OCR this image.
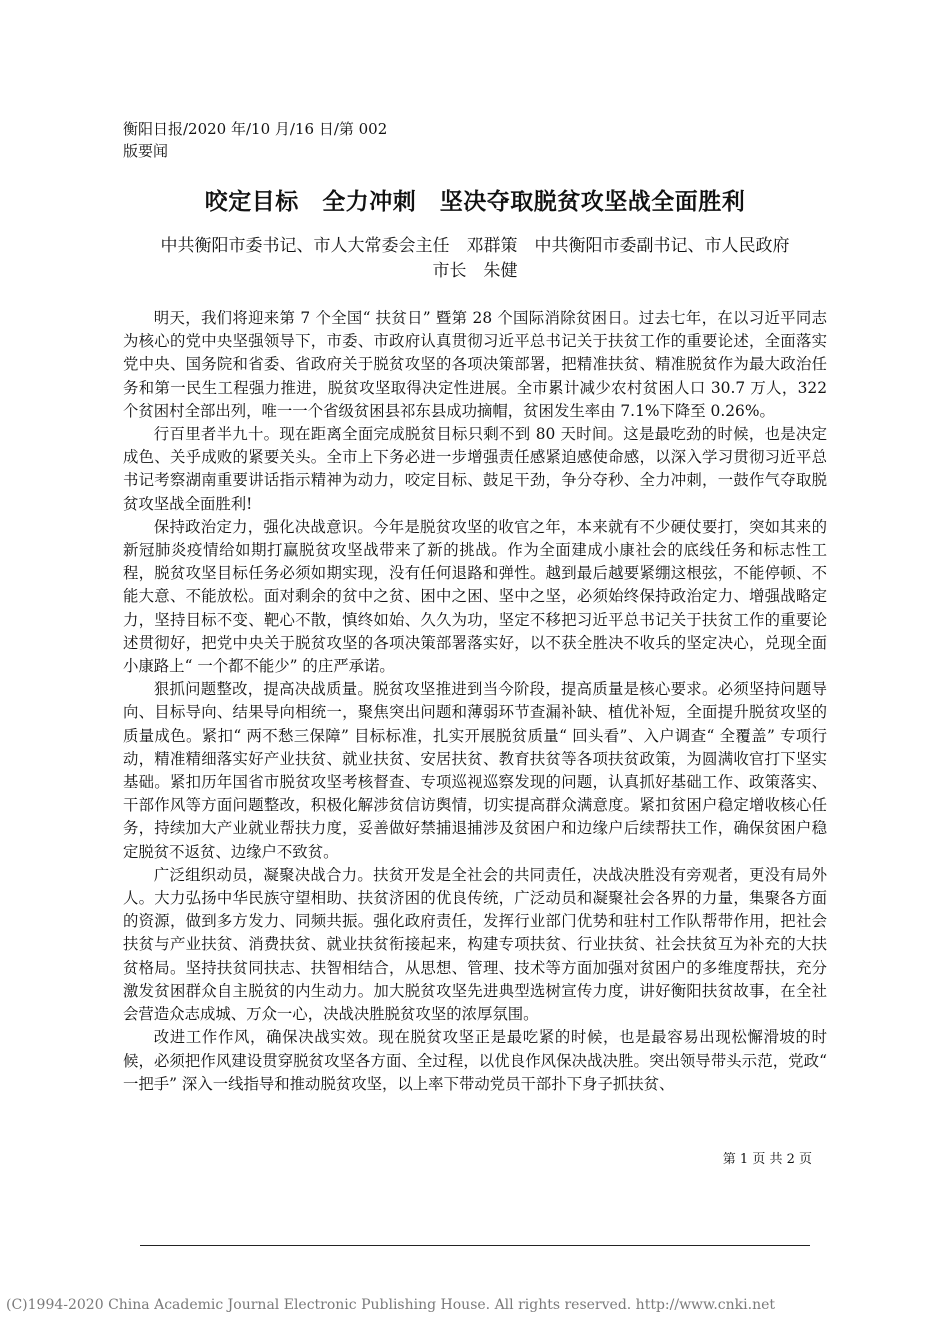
衡阳日报/2020 年/10 月/16 日/第 002
版要闻
咬定目标　全力冲刺　坚决夺取脱贫攻坚战全面胜利
中共衡阳市委书记、市人大常委会主任　邓群策　中共衡阳市委副书记、市人民政府
市长　朱健

明天，我们将迎来第 7 个全国“ 扶贫日” 暨第 28 个国际消除贫困日。过去七年，在以习近平同志为核心的党中央坚强领导下，市委、市政府认真贯彻习近平总书记关于扶贫工作的重要论述，全面落实党中央、国务院和省委、省政府关于脱贫攻坚的各项决策部署，把精准扶贫、精准脱贫作为最大政治任务和第一民生工程强力推进，脱贫攻坚取得决定性进展。全市累计减少农村贫困人口 30.7 万人，322 个贫困村全部出列，唯一一个省级贫困县祁东县成功摘帽，贫困发生率由 7.1%下降至 0.26%。

行百里者半九十。现在距离全面完成脱贫目标只剩不到 80 天时间。这是最吃劲的时候，也是决定成色、关乎成败的紧要关头。全市上下务必进一步增强责任感紧迫感使命感，以深入学习贯彻习近平总书记考察湖南重要讲话指示精神为动力，咬定目标、鼓足干劲，争分夺秒、全力冲刺，一鼓作气夺取脱贫攻坚战全面胜利!

保持政治定力，强化决战意识。今年是脱贫攻坚的收官之年，本来就有不少硬仗要打，突如其来的新冠肺炎疫情给如期打赢脱贫攻坚战带来了新的挑战。作为全面建成小康社会的底线任务和标志性工程，脱贫攻坚目标任务必须如期实现，没有任何退路和弹性。越到最后越要紧绷这根弦，不能停顿、不能大意、不能放松。面对剩余的贫中之贫、困中之困、坚中之坚，必须始终保持政治定力、增强战略定力，坚持目标不变、靶心不散，慎终如始、久久为功，坚定不移把习近平总书记关于扶贫工作的重要论述贯彻好，把党中央关于脱贫攻坚的各项决策部署落实好，以不获全胜决不收兵的坚定决心，兑现全面小康路上“ 一个都不能少” 的庄严承诺。

狠抓问题整改，提高决战质量。脱贫攻坚推进到当今阶段，提高质量是核心要求。必须坚持问题导向、目标导向、结果导向相统一，聚焦突出问题和薄弱环节查漏补缺、植优补短，全面提升脱贫攻坚的质量成色。紧扣“ 两不愁三保障” 目标标准，扎实开展脱贫质量“ 回头看”、入户调查“ 全覆盖” 专项行动，精准精细落实好产业扶贫、就业扶贫、安居扶贫、教育扶贫等各项扶贫政策，为圆满收官打下坚实基础。紧扣历年国省市脱贫攻坚考核督查、专项巡视巡察发现的问题，认真抓好基础工作、政策落实、干部作风等方面问题整改，积极化解涉贫信访舆情，切实提高群众满意度。紧扣贫困户稳定增收核心任务，持续加大产业就业帮扶力度，妥善做好禁捕退捕涉及贫困户和边缘户后续帮扶工作，确保贫困户稳定脱贫不返贫、边缘户不致贫。

广泛组织动员，凝聚决战合力。扶贫开发是全社会的共同责任，决战决胜没有旁观者，更没有局外人。大力弘扬中华民族守望相助、扶贫济困的优良传统，广泛动员和凝聚社会各界的力量，集聚各方面的资源，做到多方发力、同频共振。强化政府责任，发挥行业部门优势和驻村工作队帮带作用，把社会扶贫与产业扶贫、消费扶贫、就业扶贫衔接起来，构建专项扶贫、行业扶贫、社会扶贫互为补充的大扶贫格局。坚持扶贫同扶志、扶智相结合，从思想、管理、技术等方面加强对贫困户的多维度帮扶，充分激发贫困群众自主脱贫的内生动力。加大脱贫攻坚先进典型选树宣传力度，讲好衡阳扶贫故事，在全社会营造众志成城、万众一心，决战决胜脱贫攻坚的浓厚氛围。

改进工作作风，确保决战实效。现在脱贫攻坚正是最吃紧的时候，也是最容易出现松懈滑坡的时候，必须把作风建设贯穿脱贫攻坚各方面、全过程，以优良作风保决战决胜。突出领导带头示范，党政“ 一把手” 深入一线指导和推动脱贫攻坚，以上率下带动党员干部扑下身子抓扶贫、

第 1 页 共 2 页
(C)1994-2020 China Academic Journal Electronic Publishing House. All rights reserved. http://www.cnki.net
